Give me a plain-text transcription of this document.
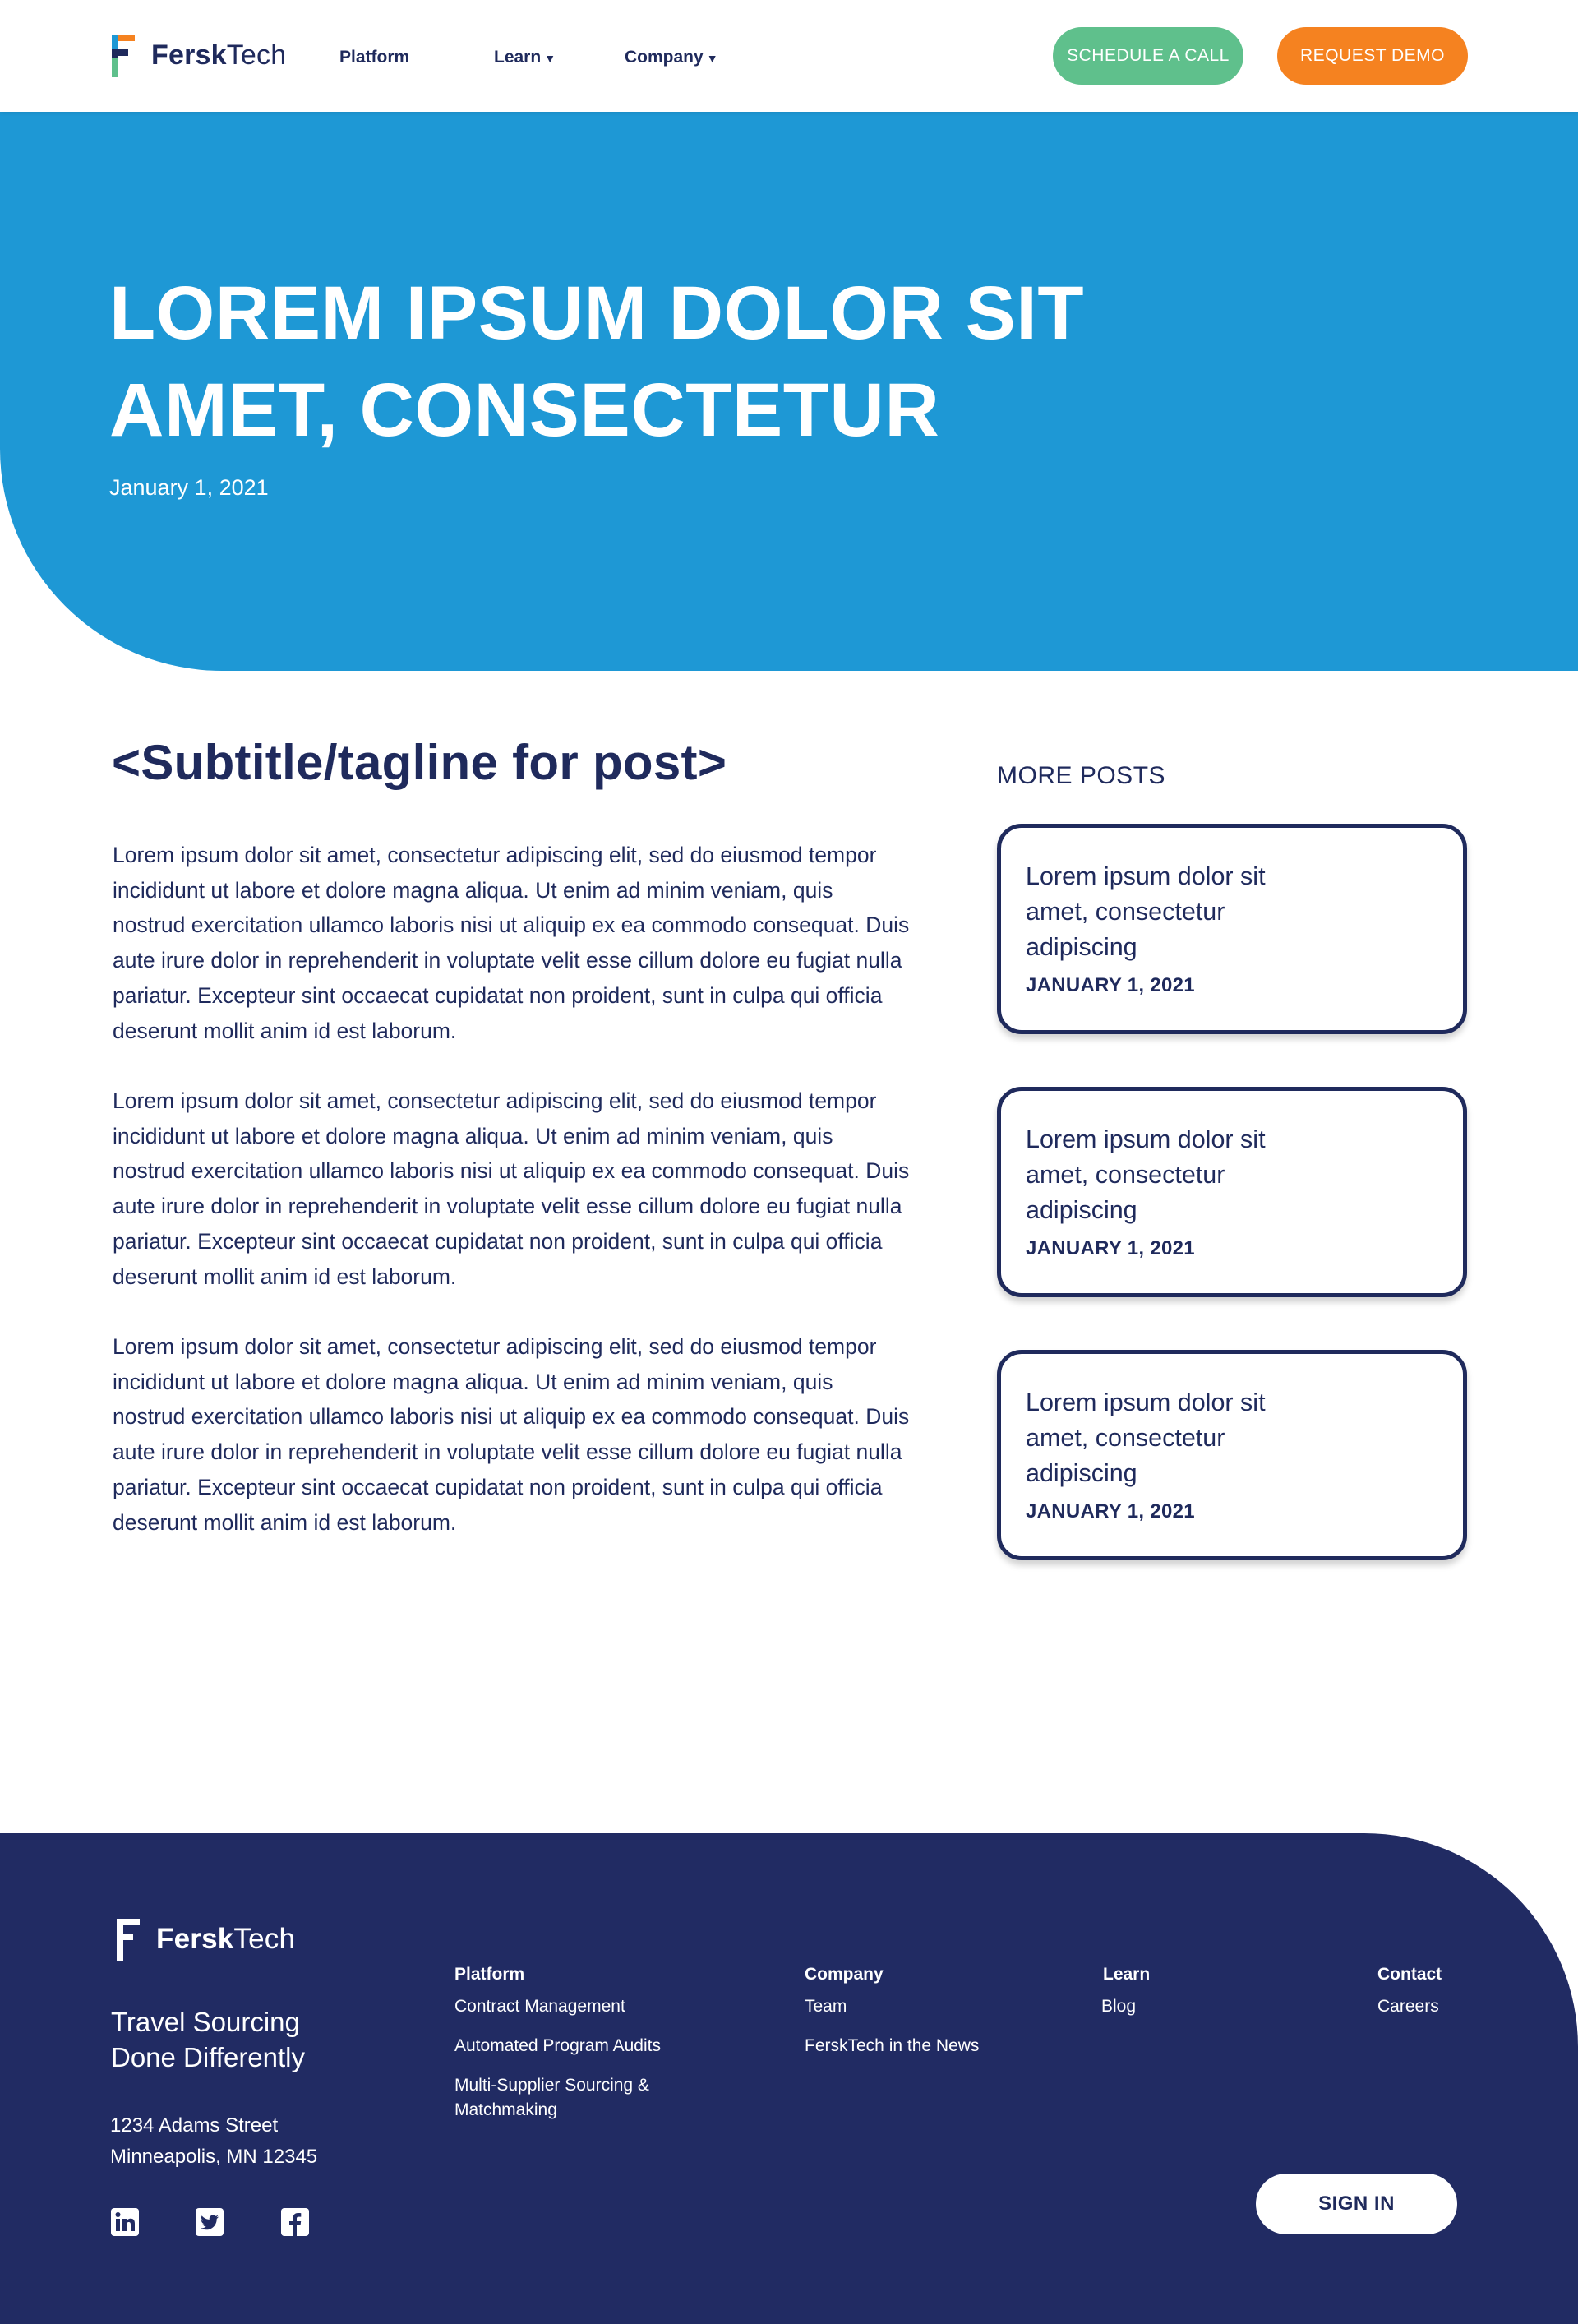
FerskTech	Platform	Learn ▼	Company ▼	SCHEDULE A CALL	REQUEST DEMO
LOREM IPSUM DOLOR SIT AMET, CONSECTETUR
January 1, 2021
<Subtitle/tagline for post>

Lorem ipsum dolor sit amet, consectetur adipiscing elit, sed do eiusmod tempor incididunt ut labore et dolore magna aliqua. Ut enim ad minim veniam, quis nostrud exercitation ullamco laboris nisi ut aliquip ex ea commodo consequat. Duis aute irure dolor in reprehenderit in voluptate velit esse cillum dolore eu fugiat nulla pariatur. Excepteur sint occaecat cupidatat non proident, sunt in culpa qui officia deserunt mollit anim id est laborum.

Lorem ipsum dolor sit amet, consectetur adipiscing elit, sed do eiusmod tempor incididunt ut labore et dolore magna aliqua. Ut enim ad minim veniam, quis nostrud exercitation ullamco laboris nisi ut aliquip ex ea commodo consequat. Duis aute irure dolor in reprehenderit in voluptate velit esse cillum dolore eu fugiat nulla pariatur. Excepteur sint occaecat cupidatat non proident, sunt in culpa qui officia deserunt mollit anim id est laborum.

Lorem ipsum dolor sit amet, consectetur adipiscing elit, sed do eiusmod tempor incididunt ut labore et dolore magna aliqua. Ut enim ad minim veniam, quis nostrud exercitation ullamco laboris nisi ut aliquip ex ea commodo consequat. Duis aute irure dolor in reprehenderit in voluptate velit esse cillum dolore eu fugiat nulla pariatur. Excepteur sint occaecat cupidatat non proident, sunt in culpa qui officia deserunt mollit anim id est laborum.

MORE POSTS
Lorem ipsum dolor sit amet, consectetur adipiscing
JANUARY 1, 2021
Lorem ipsum dolor sit amet, consectetur adipiscing
JANUARY 1, 2021
Lorem ipsum dolor sit amet, consectetur adipiscing
JANUARY 1, 2021
FerskTech
Travel Sourcing
Done Differently
1234 Adams Street
Minneapolis, MN 12345
Platform
Contract Management
Automated Program Audits
Multi-Supplier Sourcing & Matchmaking
Company
Team
FerskTech in the News
Learn
Blog
Contact
Careers
SIGN IN
